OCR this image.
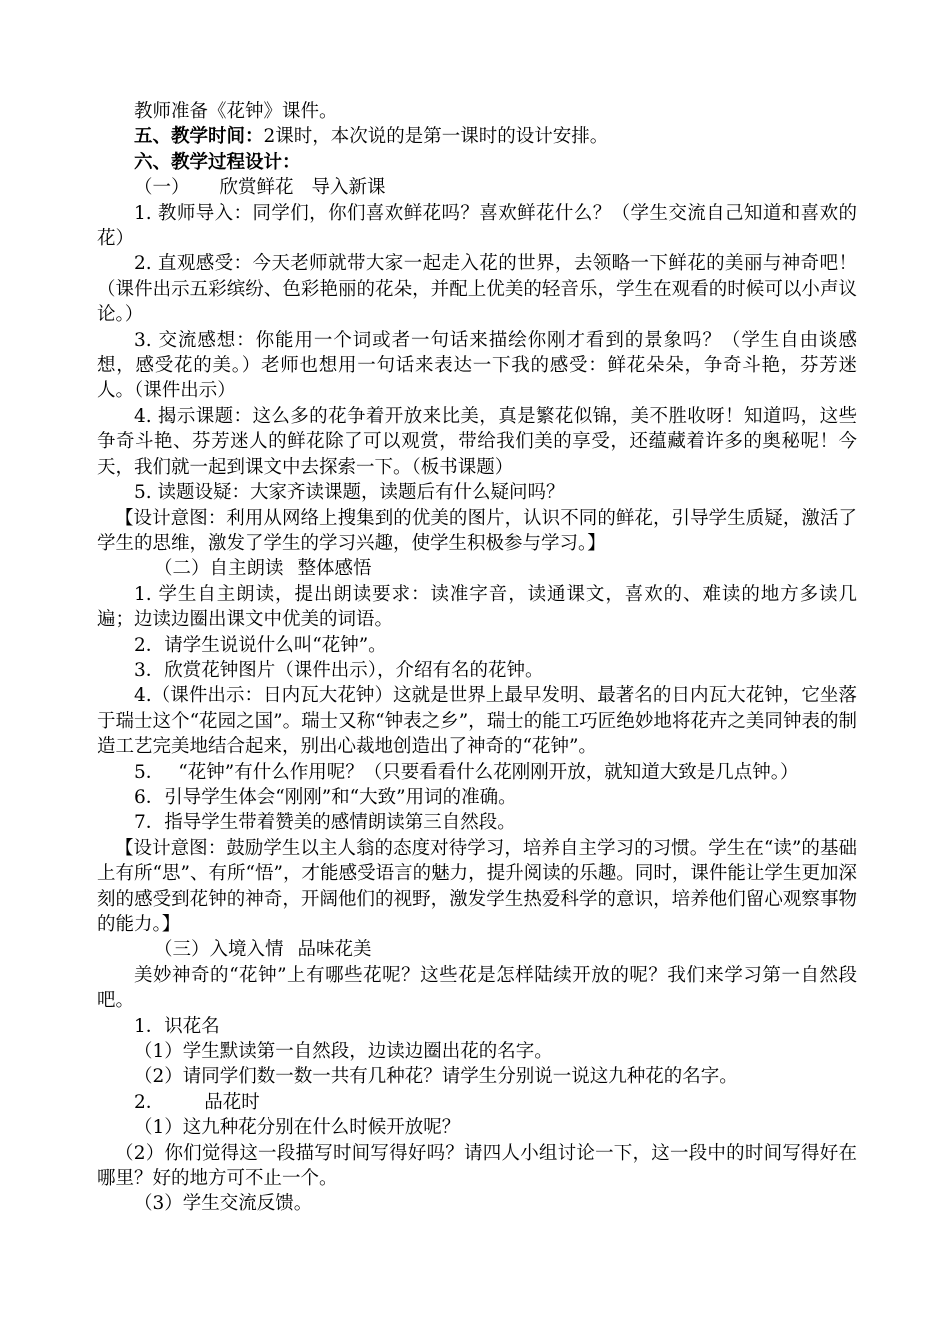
教师准备《花钟》课件。

五、教学时间：2课时，本次说的是第一课时的设计安排。

六、教学过程设计：

（一） 欣赏鲜花 导入新课

1. 教师导入：同学们，你们喜欢鲜花吗？喜欢鲜花什么？（学生交流自己知道和喜欢的花）

2. 直观感受：今天老师就带大家一起走入花的世界，去领略一下鲜花的美丽与神奇吧！（课件出示五彩缤纷、色彩艳丽的花朵，并配上优美的轻音乐，学生在观看的时候可以小声议论。）

3. 交流感想：你能用一个词或者一句话来描绘你刚才看到的景象吗？（学生自由谈感想，感受花的美。）老师也想用一句话来表达一下我的感受：鲜花朵朵，争奇斗艳，芬芳迷人。（课件出示）

4. 揭示课题：这么多的花争着开放来比美，真是繁花似锦，美不胜收呀！知道吗，这些争奇斗艳、芬芳迷人的鲜花除了可以观赏，带给我们美的享受，还蕴藏着许多的奥秘呢！今天，我们就一起到课文中去探索一下。（板书课题）

5. 读题设疑：大家齐读课题，读题后有什么疑问吗？

【设计意图：利用从网络上搜集到的优美的图片，认识不同的鲜花，引导学生质疑，激活了学生的思维，激发了学生的学习兴趣，使学生积极参与学习。】

（二）自主朗读 整体感悟

1. 学生自主朗读，提出朗读要求：读准字音，读通课文，喜欢的、难读的地方多读几遍；边读边圈出课文中优美的词语。

2．请学生说说什么叫“花钟”。

3．欣赏花钟图片（课件出示），介绍有名的花钟。

4.（课件出示：日内瓦大花钟）这就是世界上最早发明、最著名的日内瓦大花钟，它坐落于瑞士这个“花园之国”。瑞士又称“钟表之乡”，瑞士的能工巧匠绝妙地将花卉之美同钟表的制造工艺完美地结合起来，别出心裁地创造出了神奇的“花钟”。

5． “花钟”有什么作用呢？（只要看看什么花刚刚开放，就知道大致是几点钟。）

6．引导学生体会“刚刚”和“大致”用词的准确。

7．指导学生带着赞美的感情朗读第三自然段。

【设计意图：鼓励学生以主人翁的态度对待学习，培养自主学习的习惯。学生在“读”的基础上有所“思”、有所“悟”，才能感受语言的魅力，提升阅读的乐趣。同时，课件能让学生更加深刻的感受到花钟的神奇，开阔他们的视野，激发学生热爱科学的意识，培养他们留心观察事物的能力。】

（三）入境入情 品味花美

美妙神奇的“花钟”上有哪些花呢？这些花是怎样陆续开放的呢？我们来学习第一自然段吧。

1．识花名

（1）学生默读第一自然段，边读边圈出花的名字。

（2）请同学们数一数一共有几种花？请学生分别说一说这九种花的名字。

2． 品花时

（1）这九种花分别在什么时候开放呢？

（2）你们觉得这一段描写时间写得好吗？请四人小组讨论一下，这一段中的时间写得好在哪里？好的地方可不止一个。

（3）学生交流反馈。
